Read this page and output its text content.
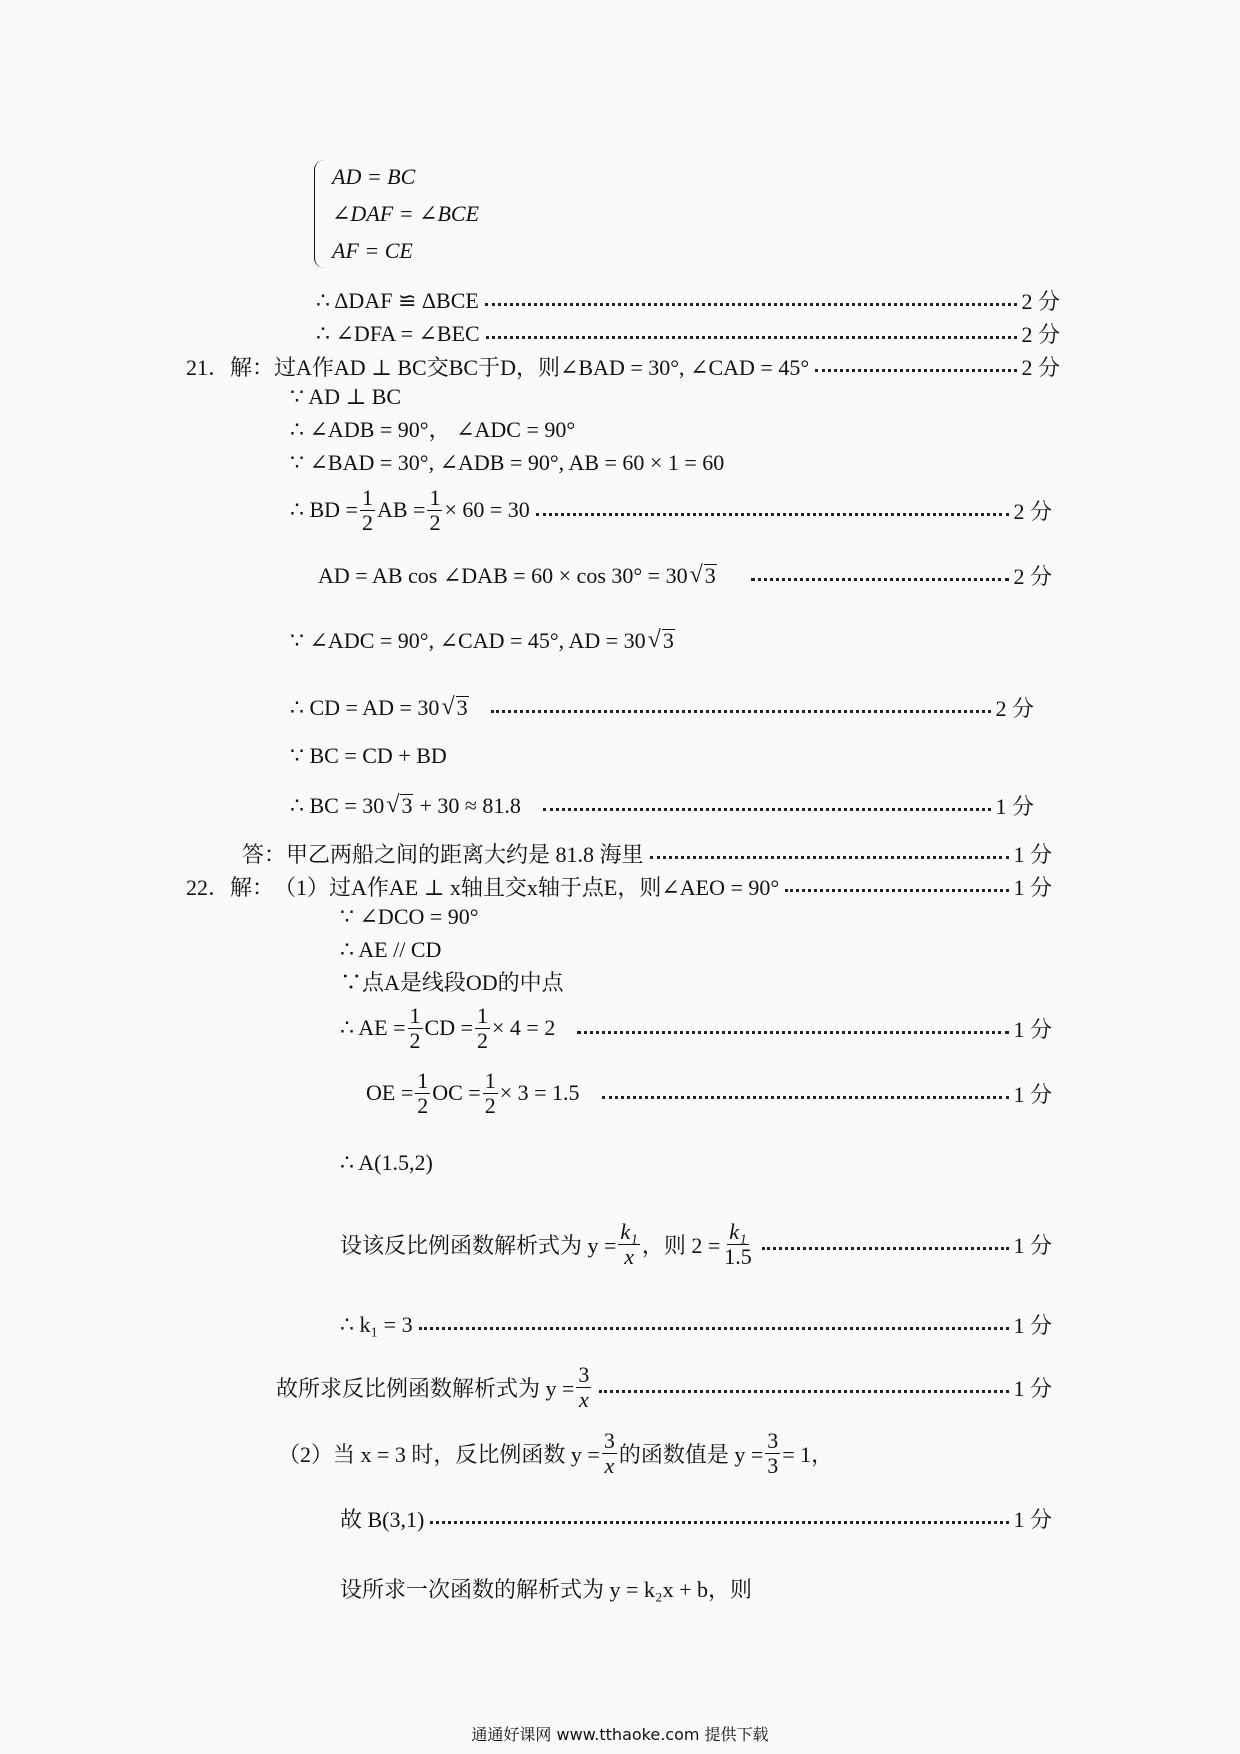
AD = BC
∠DAF = ∠BCE
AF = CE
∴ ΔDAF ≌ ΔBCE	2 分
∴ ∠DFA = ∠BEC	2 分
21．解： 过A作AD ⊥ BC交BC于D，则∠BAD = 30°, ∠CAD = 45°	2 分
∵ AD ⊥ BC
∴ ∠ADB = 90°， ∠ADC = 90°
∵ ∠BAD = 30°, ∠ADB = 90°, AB = 60 × 1 = 60
∴ BD = $\frac{1}{2}$ AB = $\frac{1}{2} \times 60 = 30$	2 分
AD = AB cos ∠DAB = 60 × cos 30° = 30 √ 3	2 分
∵ ∠ADC = 90°, ∠CAD = 45°, AD = 30 √ 3
∴ CD = AD = 30 √ 3	2 分
∵ BC = CD + BD
∴ BC = 30 √ 3 + 30 ≈ 81.8	1 分
答：甲乙两船之间的距离大约是 81.8 海里	1 分
22．解： （1）过A作AE ⊥ x轴且交x轴于点E，则∠AEO = 90°	1 分
∵ ∠DCO = 90°
∴ AE // CD
∵点A是线段OD的中点
∴ AE = $\frac{1}{2}$ CD = $\frac{1}{2} \times 4 = 2$	1 分
OE = $\frac{1}{2}$ OC = $\frac{1}{2} \times 3 = 1.5$	1 分
∴ A(1.5,2)
设该反比例函数解析式为 $y = \frac{\text{k₁}}{x}$ ，则 $2 = \frac{\text{k₁}}{1.5}$	1 分
∴ k₁ = 3	1 分
故所求反比例函数解析式为 $y = \frac{3}{x}$	1 分
（2）当 x = 3 时，反比例函数 $y = \frac{3}{x}$ 的函数值是 $y = \frac{3}{3} = 1$，
故 B(3,1)	1 分
设所求一次函数的解析式为 y = k₂x + b，则
通通好课网 www.tthaoke.com 提供下载
